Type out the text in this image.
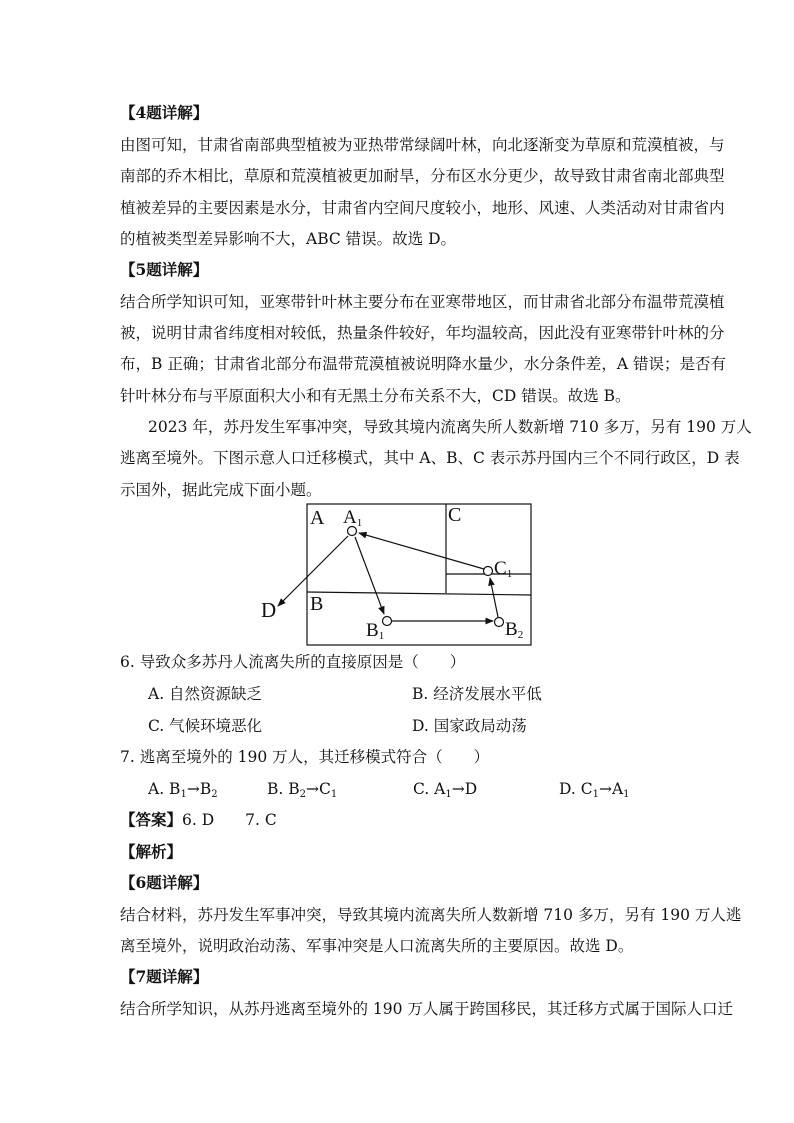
【4题详解】
由图可知，甘肃省南部典型植被为亚热带常绿阔叶林，向北逐渐变为草原和荒漠植被，与
南部的乔木相比，草原和荒漠植被更加耐旱，分布区水分更少，故导致甘肃省南北部典型
植被差异的主要因素是水分，甘肃省内空间尺度较小，地形、风速、人类活动对甘肃省内
的植被类型差异影响不大，ABC 错误。故选 D。
【5题详解】
结合所学知识可知，亚寒带针叶林主要分布在亚寒带地区，而甘肃省北部分布温带荒漠植
被，说明甘肃省纬度相对较低，热量条件较好，年均温较高，因此没有亚寒带针叶林的分
布，B 正确；甘肃省北部分布温带荒漠植被说明降水量少，水分条件差，A 错误；是否有
针叶林分布与平原面积大小和有无黑土分布关系不大，CD 错误。故选 B。
2023 年，苏丹发生军事冲突，导致其境内流离失所人数新增 710 多万，另有 190 万人
逃离至境外。下图示意人口迁移模式，其中 A、B、C 表示苏丹国内三个不同行政区，D 表
示国外，据此完成下面小题。
A
B
C
D
A1
B1	B2
C1
6. 导致众多苏丹人流离失所的直接原因是（　　）
A. 自然资源缺乏	B. 经济发展水平低
C. 气候环境恶化	D. 国家政局动荡
7. 逃离至境外的 190 万人，其迁移模式符合（　　）
A. $B_1\to B_2$	B. $B_2\to C_1$	C. $A_1\to D$	D. $C_1\to A_1$
【答案】6. D　　7. C
【解析】
【6题详解】
结合材料，苏丹发生军事冲突，导致其境内流离失所人数新增 710 多万，另有 190 万人逃
离至境外，说明政治动荡、军事冲突是人口流离失所的主要原因。故选 D。
【7题详解】
结合所学知识，从苏丹逃离至境外的 190 万人属于跨国移民，其迁移方式属于国际人口迁
